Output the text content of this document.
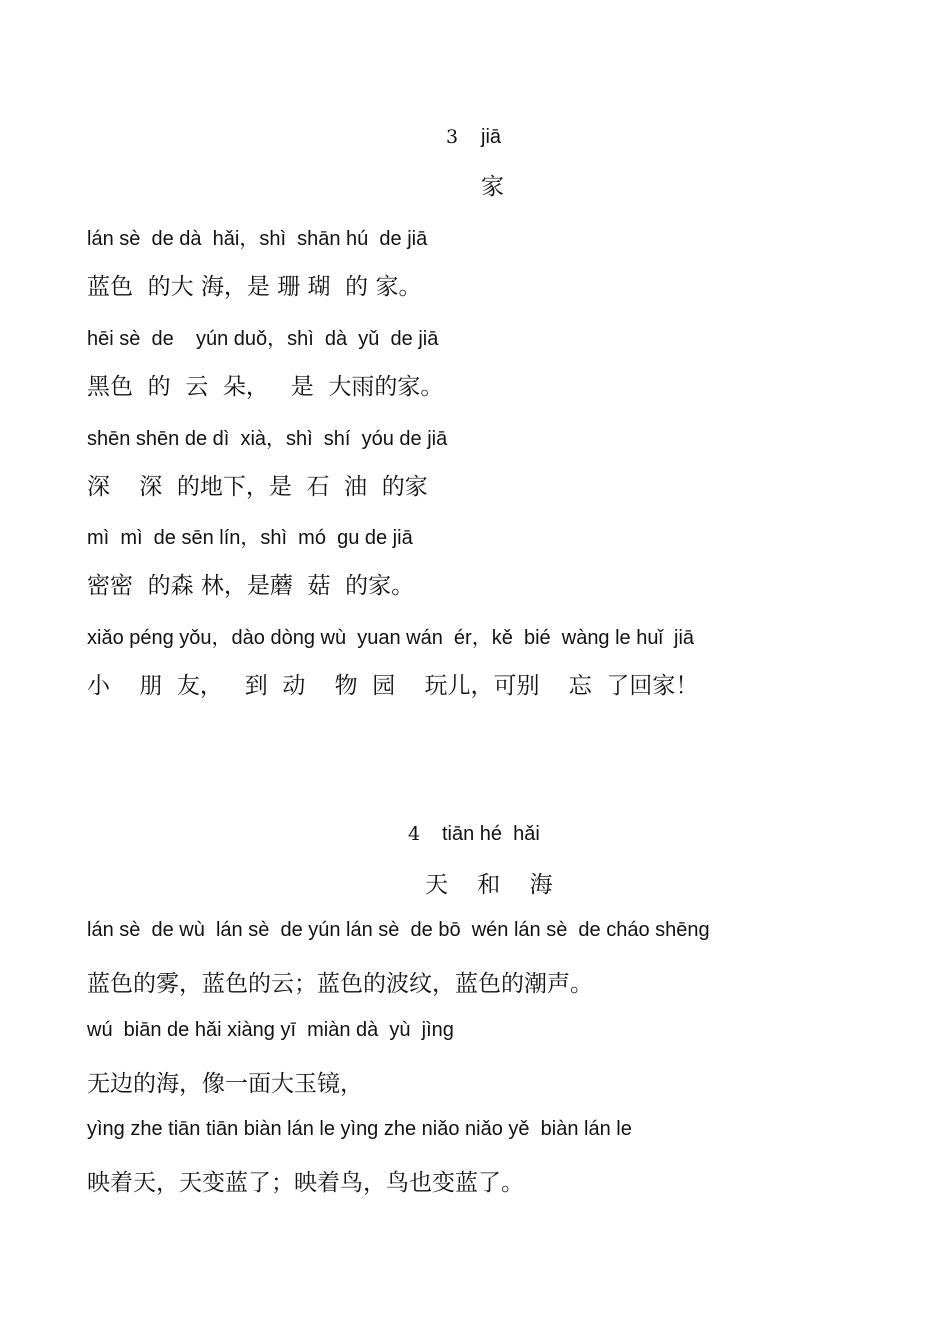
3 jiā
家
lán sè  de dà  hǎi，shì  shān hú  de jiā
蓝色  的大 海，是 珊 瑚  的 家。
hēi sè  de    yún duǒ，shì  dà  yǔ  de jiā
黑色  的  云  朵，   是  大雨的家。
shēn shēn de dì  xià，shì  shí  yóu de jiā
深    深  的地下，是  石  油  的家
mì  mì  de sēn lín，shì  mó  gu de jiā
密密  的森 林，是蘑  菇  的家。
xiǎo péng yǒu，dào dòng wù  yuan wán  ér，kě  bié  wàng le huǐ  jiā
小    朋  友，   到  动    物  园    玩儿，可别    忘  了回家！
4 tiān hé  hǎi
天    和    海
lán sè  de wù  lán sè  de yún lán sè  de bō  wén lán sè  de cháo shēng
蓝色的雾，蓝色的云；蓝色的波纹，蓝色的潮声。
wú  biān de hǎi xiàng yī  miàn dà  yù  jìng
无边的海，像一面大玉镜，
yìng zhe tiān tiān biàn lán le yìng zhe niǎo niǎo yě  biàn lán le
映着天，天变蓝了；映着鸟，鸟也变蓝了。
